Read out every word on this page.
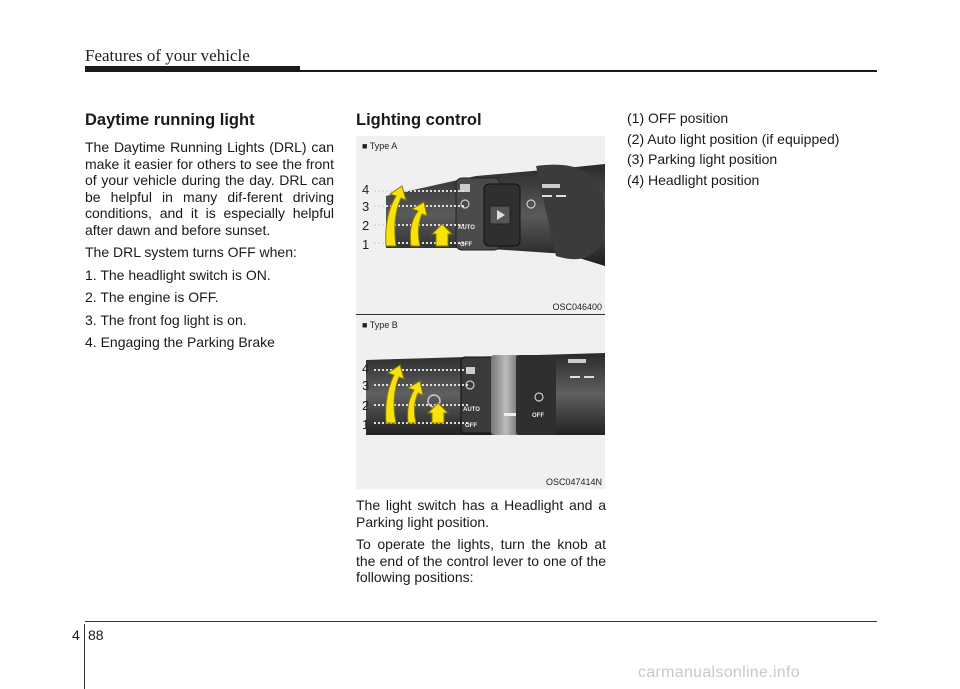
Features of your vehicle
Daytime running light

The Daytime Running Lights (DRL) can make it easier for others to see the front of your vehicle during the day. DRL can be helpful in many dif-ferent driving conditions, and it is especially helpful after dawn and before sunset.

The DRL system turns OFF when:

1. The headlight switch is ON.
2. The engine is OFF.
3. The front fog light is on.
4. Engaging the Parking Brake
Lighting control
4
3
2
1
AUTO
OFF
■ Type A
OSC046400
4
3
2
1
AUTO
OFF
OFF
■ Type B
OSC047414N

The light switch has a Headlight and a Parking light position.

To operate the lights, turn the knob at the end of the control lever to one of the following positions:

(1) OFF position
(2) Auto light position (if equipped)
(3) Parking light position
(4) Headlight position
4 88
carmanualsonline.info
